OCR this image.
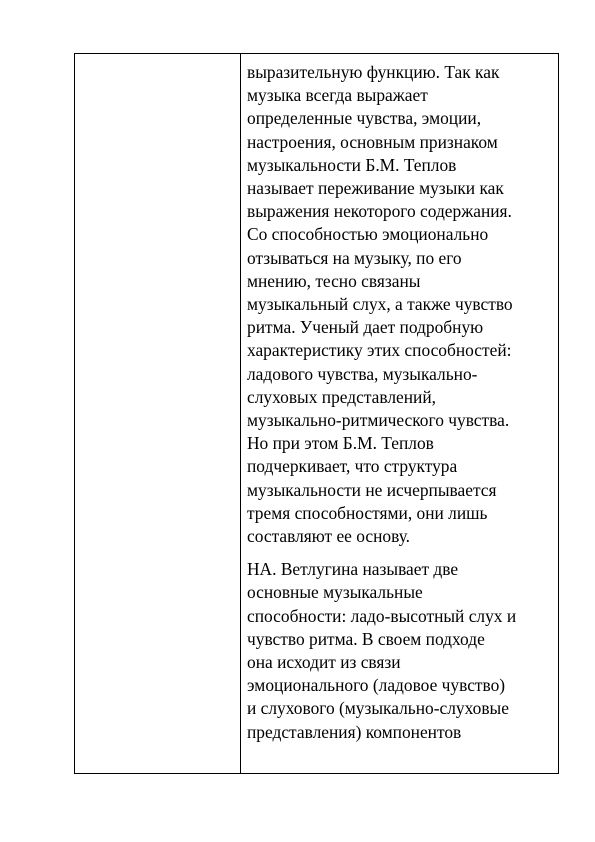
выразительную функцию. Так как
музыка всегда выражает
определенные чувства, эмоции,
настроения, основным признаком
музыкальности Б.М. Теплов
называет переживание музыки как
выражения некоторого содержания.
Со способностью эмоционально
отзываться на музыку, по его
мнению, тесно связаны
музыкальный слух, а также чувство
ритма. Ученый дает подробную
характеристику этих способностей:
ладового чувства, музыкально-
слуховых представлений,
музыкально-ритмического чувства.
Но при этом Б.М. Теплов
подчеркивает, что структура
музыкальности не исчерпывается
тремя способностями, они лишь
составляют ее основу.

НА. Ветлугина называет две
основные музыкальные
способности: ладо-высотный слух и
чувство ритма. В своем подходе
она исходит из связи
эмоционального (ладовое чувство)
и слухового (музыкально-слуховые
представления) компонентов
